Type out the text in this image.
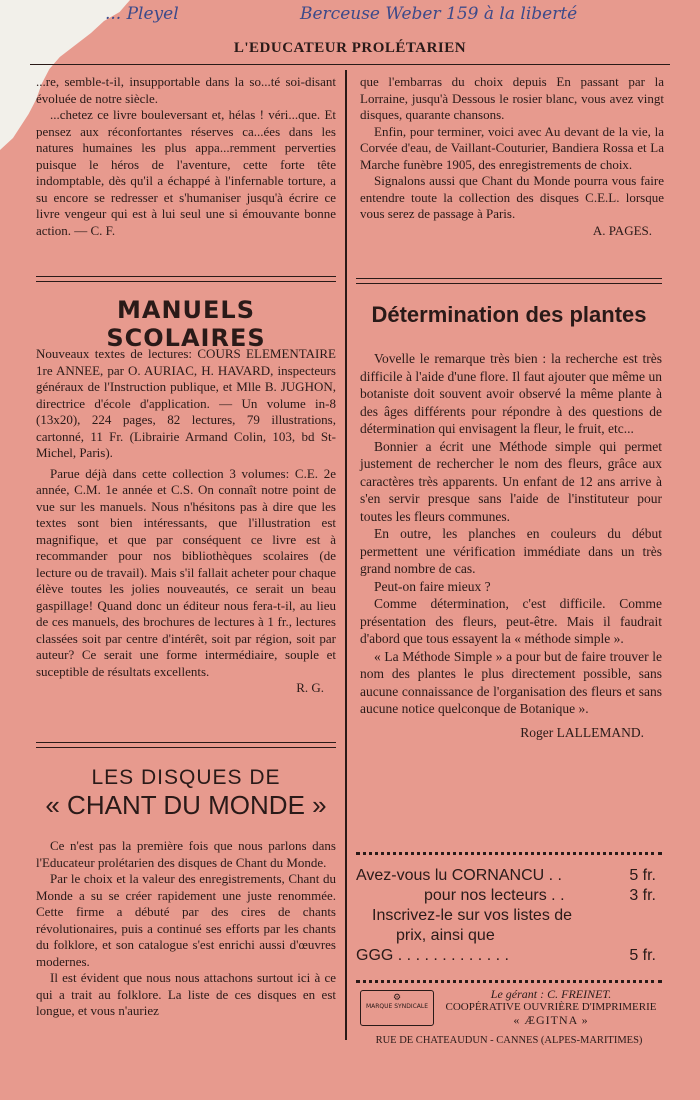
... Pleyel	Berceuse Weber 159 à la liberté
L'EDUCATEUR PROLÉTARIEN

...re, semble-t-il, insupportable dans la so...té soi-disant évoluée de notre siècle.

...chetez ce livre bouleversant et, hélas ! véri...que. Et pensez aux réconfortantes réserves ca...ées dans les natures humaines les plus appa...remment perverties puisque le héros de l'aventure, cette forte tête indomptable, dès qu'il a échappé à l'infernable torture, a su encore se redresser et s'humaniser jusqu'à écrire ce livre vengeur qui est à lui seul une si émouvante bonne action. — C. F.

MANUELS SCOLAIRES

Nouveaux textes de lectures: COURS ELEMENTAIRE 1re ANNEE, par O. AURIAC, H. HAVARD, inspecteurs généraux de l'Instruction publique, et Mlle B. JUGHON, directrice d'école d'application. — Un volume in-8 (13x20), 224 pages, 82 lectures, 79 illustrations, cartonné, 11 Fr. (Librairie Armand Colin, 103, bd St-Michel, Paris).

Parue déjà dans cette collection 3 volumes: C.E. 2e année, C.M. 1e année et C.S. On connaît notre point de vue sur les manuels. Nous n'hésitons pas à dire que les textes sont bien intéressants, que l'illustration est magnifique, et que par conséquent ce livre est à recommander pour nos bibliothèques scolaires (de lecture ou de travail). Mais s'il fallait acheter pour chaque élève toutes les jolies nouveautés, ce serait un beau gaspillage! Quand donc un éditeur nous fera-t-il, au lieu de ces manuels, des brochures de lectures à 1 fr., lectures classées soit par centre d'intérêt, soit par région, soit par auteur? Ce serait une forme intermédiaire, souple et suceptible de résultats excellents.

R. G.
LES DISQUES DE
« CHANT DU MONDE »

Ce n'est pas la première fois que nous parlons dans l'Educateur prolétarien des disques de Chant du Monde.

Par le choix et la valeur des enregistrements, Chant du Monde a su se créer rapidement une juste renommée. Cette firme a débuté par des cires de chants révolutionaires, puis a continué ses efforts par les chants du folklore, et son catalogue s'est enrichi aussi d'œuvres modernes.

Il est évident que nous nous attachons surtout ici à ce qui a trait au folklore. La liste de ces disques en est longue, et vous n'auriez

que l'embarras du choix depuis En passant par la Lorraine, jusqu'à Dessous le rosier blanc, vous avez vingt disques, quarante chansons.

Enfin, pour terminer, voici avec Au devant de la vie, la Corvée d'eau, de Vaillant-Couturier, Bandiera Rossa et La Marche funèbre 1905, des enregistrements de choix.

Signalons aussi que Chant du Monde pourra vous faire entendre toute la collection des disques C.E.L. lorsque vous serez de passage à Paris.

A. PAGES.
Détermination des plantes

Vovelle le remarque très bien : la recherche est très difficile à l'aide d'une flore. Il faut ajouter que même un botaniste doit souvent avoir observé la même plante à des âges différents pour répondre à des questions de détermination qui envisagent la fleur, le fruit, etc...

Bonnier a écrit une Méthode simple qui permet justement de rechercher le nom des fleurs, grâce aux caractères très apparents. Un enfant de 12 ans arrive à s'en servir presque sans l'aide de l'instituteur pour toutes les fleurs communes.

En outre, les planches en couleurs du début permettent une vérification immédiate dans un très grand nombre de cas.

Peut-on faire mieux ?

Comme détermination, c'est difficile. Comme présentation des fleurs, peut-être. Mais il faudrait d'abord que tous essayent la « méthode simple ».

« La Méthode Simple » a pour but de faire trouver le nom des plantes le plus directement possible, sans aucune connaissance de l'organisation des fleurs et sans aucune notice quelconque de Botanique ».

Roger LALLEMAND.
Avez-vous lu CORNANCU . .	5 fr.
pour nos lecteurs . .	3 fr.
Inscrivez-le sur vos listes de
prix, ainsi que
GGG . . . . . . . . . . . . .	5 fr.
⚙
MARQUE SYNDICALE
Le gérant : C. FREINET.
COOPÉRATIVE OUVRIÈRE D'IMPRIMERIE
« ÆGITNA »
RUE DE CHATEAUDUN - CANNES (ALPES-MARITIMES)
